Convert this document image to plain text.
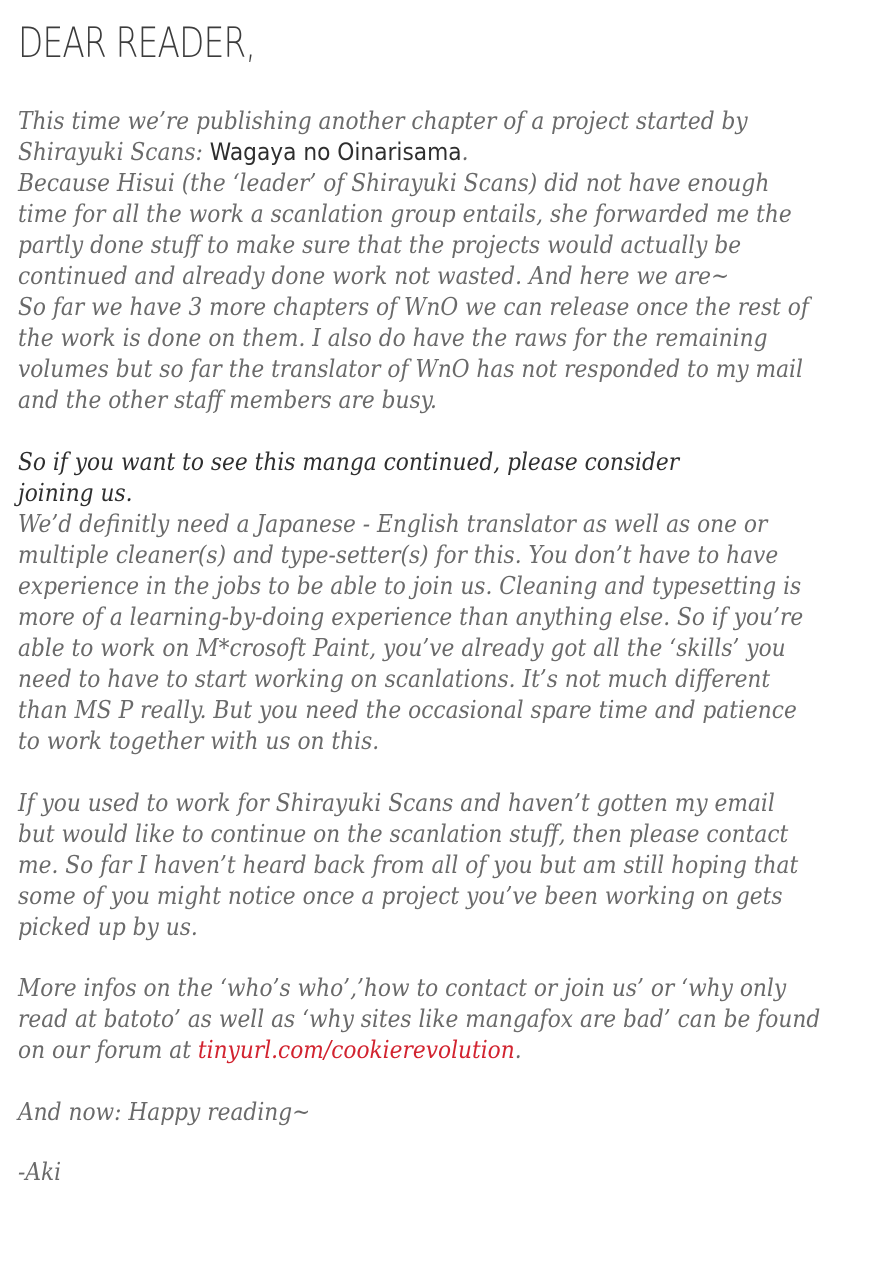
DEAR READER,
This time we’re publishing another chapter of a project started by
Shirayuki Scans: Wagaya no Oinarisama.
Because Hisui (the ‘leader’ of Shirayuki Scans) did not have enough
time for all the work a scanlation group entails, she forwarded me the
partly done stuff to make sure that the projects would actually be
continued and already done work not wasted. And here we are~
So far we have 3 more chapters of WnO we can release once the rest of
the work is done on them. I also do have the raws for the remaining
volumes but so far the translator of WnO has not responded to my mail
and the other staff members are busy.
So if you want to see this manga continued, please consider
joining us.
We’d definitly need a Japanese - English translator as well as one or
multiple cleaner(s) and type-setter(s) for this. You don’t have to have
experience in the jobs to be able to join us. Cleaning and typesetting is
more of a learning-by-doing experience than anything else. So if you’re
able to work on M*crosoft Paint, you’ve already got all the ‘skills’ you
need to have to start working on scanlations. It’s not much different
than MS P really. But you need the occasional spare time and patience
to work together with us on this.
If you used to work for Shirayuki Scans and haven’t gotten my email
but would like to continue on the scanlation stuff, then please contact
me. So far I haven’t heard back from all of you but am still hoping that
some of you might notice once a project you’ve been working on gets
picked up by us.
More infos on the ‘who’s who’,’how to contact or join us’ or ‘why only
read at batoto’ as well as ‘why sites like mangafox are bad’ can be found
on our forum at tinyurl.com/cookierevolution.
And now: Happy reading~
-Aki
